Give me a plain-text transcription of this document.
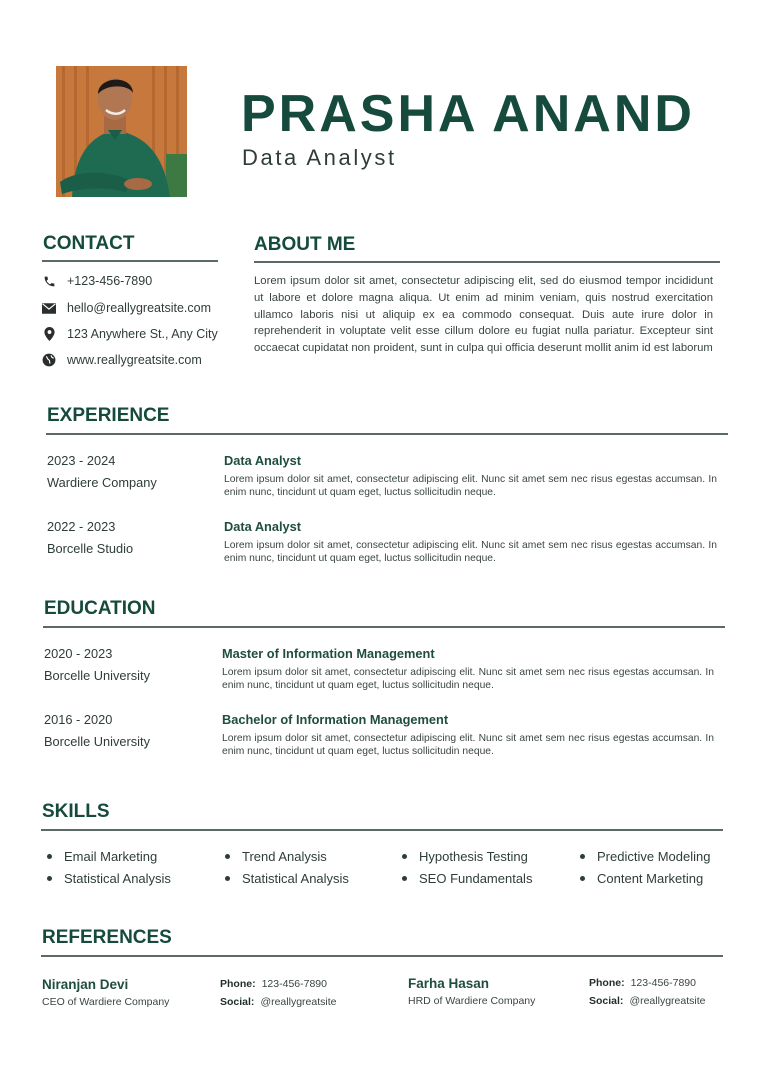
PRASHA ANAND
Data Analyst
CONTACT
+123-456-7890
hello@reallygreatsite.com
123 Anywhere St., Any City
www.reallygreatsite.com
ABOUT ME
Lorem ipsum dolor sit amet, consectetur adipiscing elit, sed do eiusmod tempor incididunt ut labore et dolore magna aliqua. Ut enim ad minim veniam, quis nostrud exercitation ullamco laboris nisi ut aliquip ex ea commodo consequat. Duis aute irure dolor in reprehenderit in voluptate velit esse cillum dolore eu fugiat nulla pariatur. Excepteur sint occaecat cupidatat non proident, sunt in culpa qui officia deserunt mollit anim id est laborum
EXPERIENCE
2023 - 2024
Wardiere Company
Data Analyst
Lorem ipsum dolor sit amet, consectetur adipiscing elit. Nunc sit amet sem nec risus egestas accumsan. In enim nunc, tincidunt ut quam eget, luctus sollicitudin neque.
2022 - 2023
Borcelle Studio
Data Analyst
Lorem ipsum dolor sit amet, consectetur adipiscing elit. Nunc sit amet sem nec risus egestas accumsan. In enim nunc, tincidunt ut quam eget, luctus sollicitudin neque.
EDUCATION
2020 - 2023
Borcelle University
Master of Information Management
Lorem ipsum dolor sit amet, consectetur adipiscing elit. Nunc sit amet sem nec risus egestas accumsan. In enim nunc, tincidunt ut quam eget, luctus sollicitudin neque.
2016 - 2020
Borcelle University
Bachelor of Information Management
Lorem ipsum dolor sit amet, consectetur adipiscing elit. Nunc sit amet sem nec risus egestas accumsan. In enim nunc, tincidunt ut quam eget, luctus sollicitudin neque.
SKILLS
Email Marketing	Trend Analysis	Hypothesis Testing	Predictive Modeling
Statistical Analysis	Statistical Analysis	SEO Fundamentals	Content Marketing
REFERENCES
Niranjan Devi
CEO of Wardiere Company
Phone: 123-456-7890
Social: @reallygreatsite
Farha Hasan
HRD of Wardiere Company
Phone: 123-456-7890
Social: @reallygreatsite
